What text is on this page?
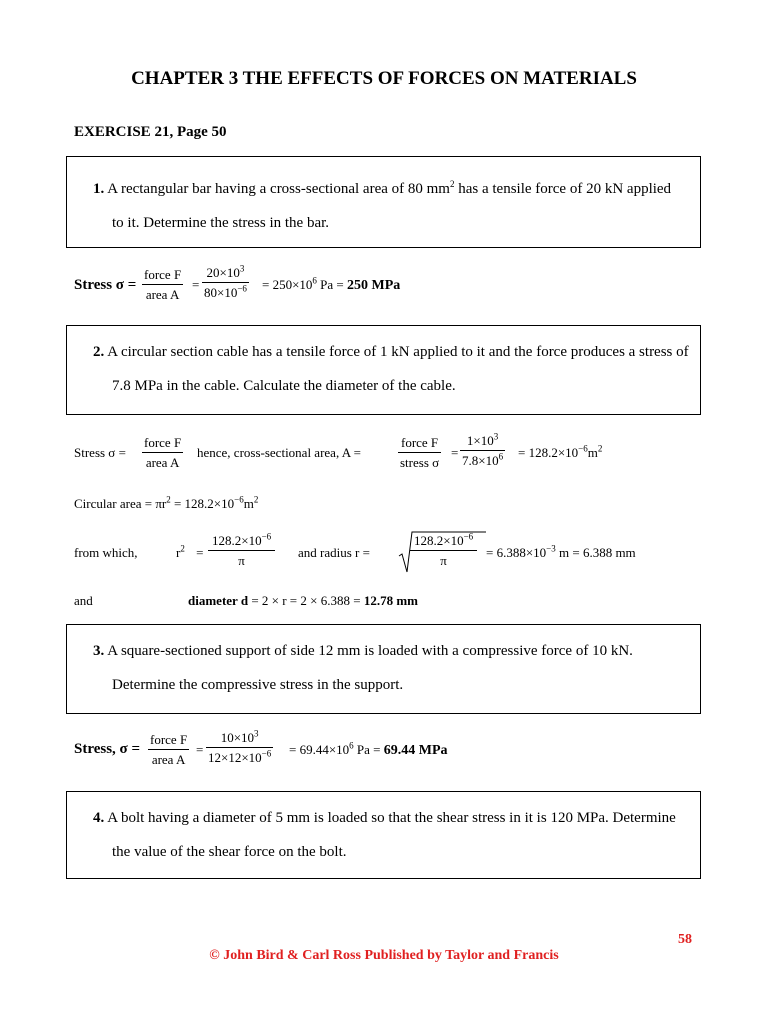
CHAPTER 3 THE EFFECTS OF FORCES ON MATERIALS
EXERCISE 21, Page 50
1. A rectangular bar having a cross-sectional area of 80 $mm^2$ has a tensile force of 20 kN applied
to it. Determine the stress in the bar.
Stress σ =
force F
area A
= $\frac{20\times 10^3}{80\times 10^{-6}} = 250\times 10^6$ Pa = 250 MPa
2. A circular section cable has a tensile force of 1 kN applied to it and the force produces a stress of
7.8 MPa in the cable. Calculate the diameter of the cable.
Stress σ =
force F
area A
hence, cross-sectional area, A =
force F
stress σ
= $\frac{1\times 10^3}{7.8\times 10^6} = 128.2\times 10^{-6}m^2$
Circular area = $\pi r^2 = 128.2\times 10^{-6}m^2$
from which,	$r^2 = \frac{128.2\times 10^{-6}}{\pi}$ and radius r =	$\frac{128.2\times 10^{-6}}{\pi} = 6.388\times 10^{-3}$ m = 6.388 mm
and	diameter d = 2 × r = 2 × 6.388 = 12.78 mm
3. A square-sectioned support of side 12 mm is loaded with a compressive force of 10 kN.
Determine the compressive stress in the support.
Stress, σ =
force F
area A
= $\frac{10\times 10^3}{12\times 12\times 10^{-6}} = 69.44\times 10^6$ Pa = 69.44 MPa
4. A bolt having a diameter of 5 mm is loaded so that the shear stress in it is 120 MPa. Determine
the value of the shear force on the bolt.
58
© John Bird & Carl Ross Published by Taylor and Francis
